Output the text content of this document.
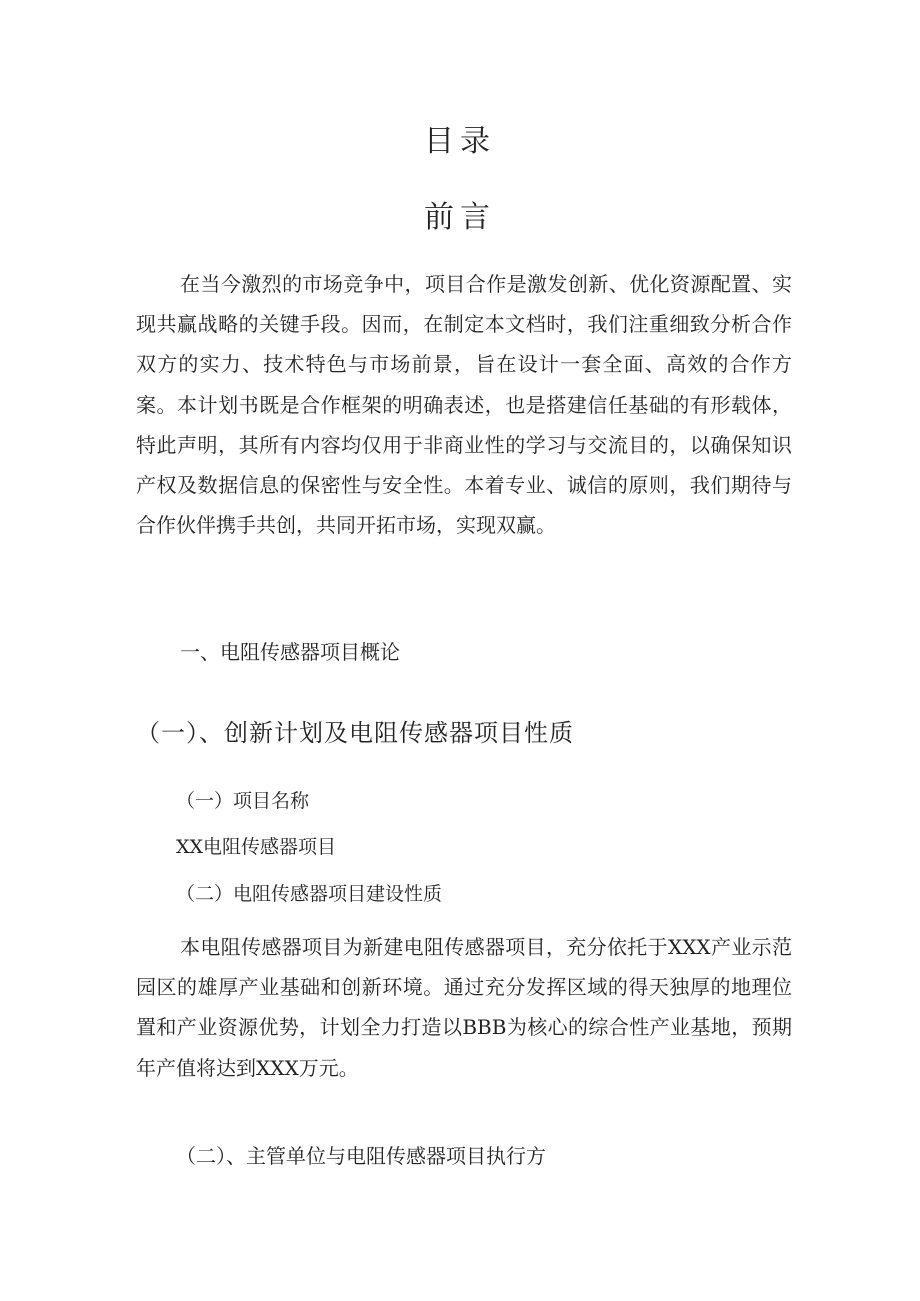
目录
前言

在当今激烈的市场竞争中，项目合作是激发创新、优化资源配置、实现共赢战略的关键手段。因而，在制定本文档时，我们注重细致分析合作双方的实力、技术特色与市场前景，旨在设计一套全面、高效的合作方案。本计划书既是合作框架的明确表述，也是搭建信任基础的有形载体，特此声明，其所有内容均仅用于非商业性的学习与交流目的，以确保知识产权及数据信息的保密性与安全性。本着专业、诚信的原则，我们期待与合作伙伴携手共创，共同开拓市场，实现双赢。

一、电阻传感器项目概论
（一）、创新计划及电阻传感器项目性质
（一）项目名称

XX电阻传感器项目

（二）电阻传感器项目建设性质

本电阻传感器项目为新建电阻传感器项目，充分依托于XXX产业示范园区的雄厚产业基础和创新环境。通过充分发挥区域的得天独厚的地理位置和产业资源优势，计划全力打造以BBB为核心的综合性产业基地，预期年产值将达到XXX万元。

（二）、主管单位与电阻传感器项目执行方
